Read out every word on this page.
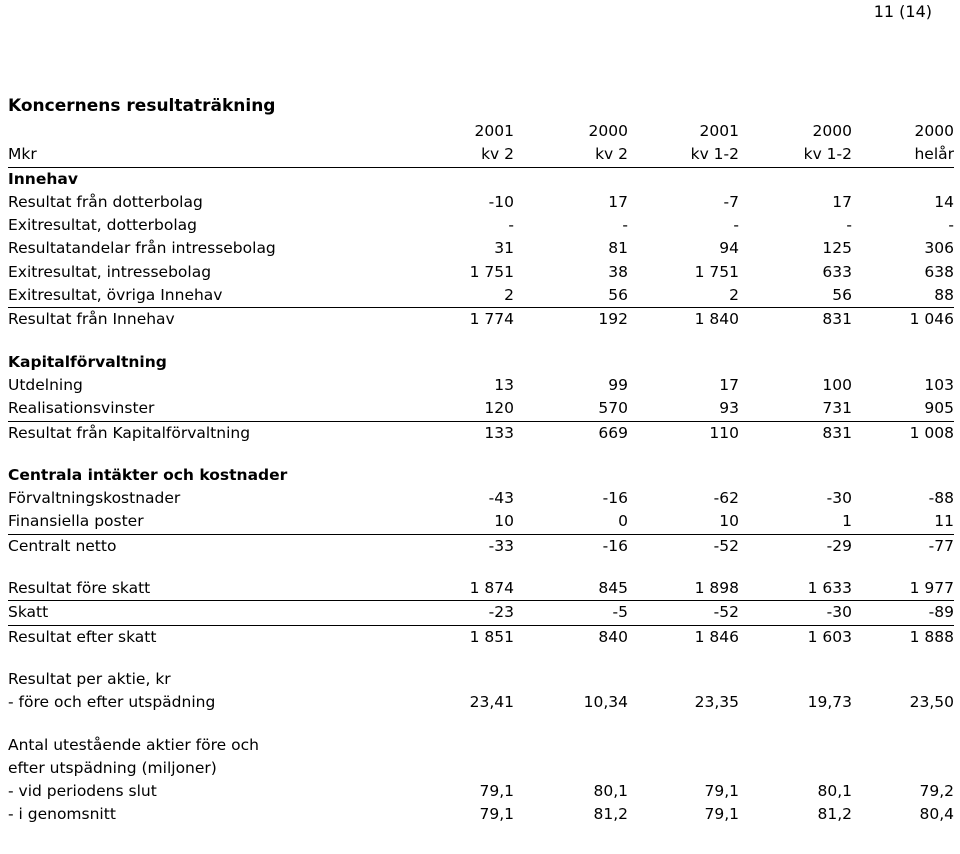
11 (14)
Koncernens resultaträkning
2001	2000	2001	2000	2000
Mkr	kv 2	kv 2	kv 1-2	kv 1-2	helår
Innehav
Resultat från dotterbolag	-10	17	-7	17	14
Exitresultat, dotterbolag	-	-	-	-	-
Resultatandelar från intressebolag	31	81	94	125	306
Exitresultat, intressebolag	1 751	38	1 751	633	638
Exitresultat, övriga Innehav	2	56	2	56	88
Resultat från Innehav	1 774	192	1 840	831	1 046
Kapitalförvaltning
Utdelning	13	99	17	100	103
Realisationsvinster	120	570	93	731	905
Resultat från Kapitalförvaltning	133	669	110	831	1 008
Centrala intäkter och kostnader
Förvaltningskostnader	-43	-16	-62	-30	-88
Finansiella poster	10	0	10	1	11
Centralt netto	-33	-16	-52	-29	-77
Resultat före skatt	1 874	845	1 898	1 633	1 977
Skatt	-23	-5	-52	-30	-89
Resultat efter skatt	1 851	840	1 846	1 603	1 888
Resultat per aktie, kr
- före och efter utspädning	23,41	10,34	23,35	19,73	23,50
Antal utestående aktier före och
efter utspädning (miljoner)
- vid periodens slut	79,1	80,1	79,1	80,1	79,2
- i genomsnitt	79,1	81,2	79,1	81,2	80,4
